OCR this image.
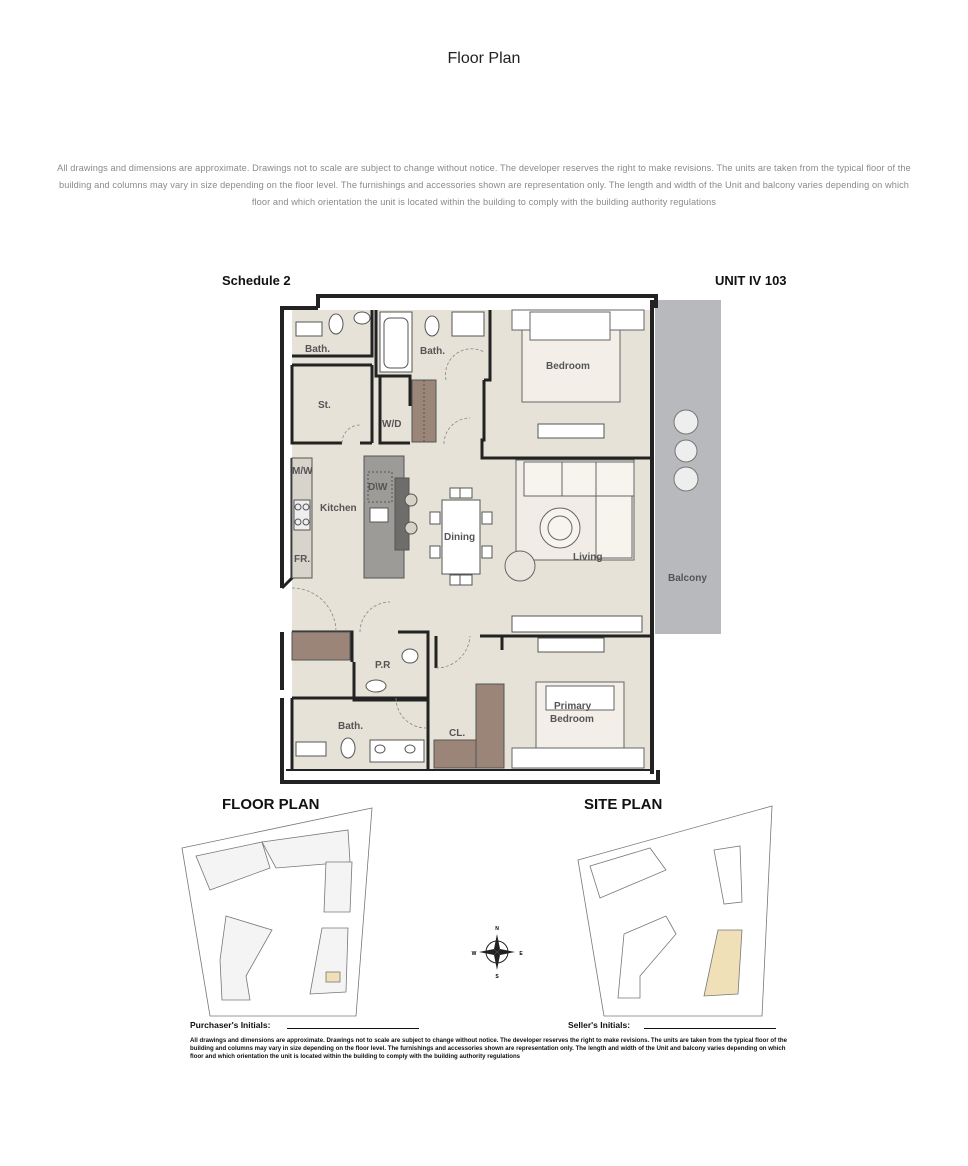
Floor Plan
All drawings and dimensions are approximate. Drawings not to scale are subject to change without notice. The developer reserves the right to make revisions. The units are taken from the typical floor of the building and columns may vary in size depending on the floor level. The furnishings and accessories shown are representation only. The length and width of the Unit and balcony varies depending on which floor and which orientation the unit is located within the building to comply with the building authority regulations
Schedule 2	UNIT IV 103
Bath.	Bath.
Bedroom
St.
W/D
M/W
D\W
Kitchen
Dining
Living
FR.
Balcony
P.R
Bath.
CL.
Primary
Bedroom
N
S
W	E
FLOOR PLAN	SITE PLAN
Purchaser's Initials:	Seller's Initials:
All drawings and dimensions are approximate. Drawings not to scale are subject to change without notice. The developer reserves the right to make revisions. The units are taken from the typical floor of the building and columns may vary in size depending on the floor level. The furnishings and accessories shown are representation only. The length and width of the Unit and balcony varies depending on which floor and which orientation the unit is located within the building to comply with the building authority regulations
